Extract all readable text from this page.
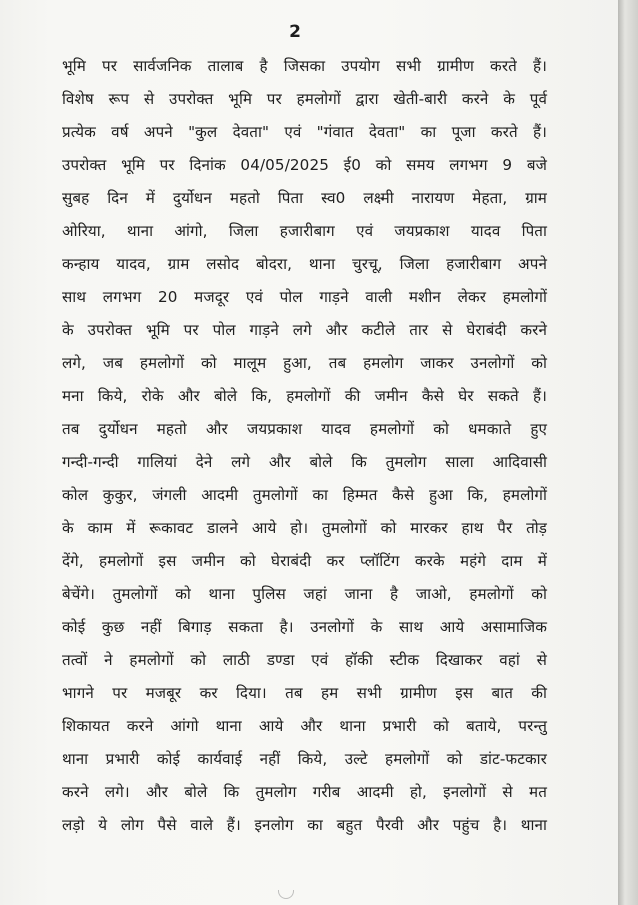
2
भूमि पर सार्वजनिक तालाब है जिसका उपयोग सभी ग्रामीण करते हैं।
विशेष रूप से उपरोक्त भूमि पर हमलोगों द्वारा खेती-बारी करने के पूर्व
प्रत्येक वर्ष अपने "कुल देवता" एवं "गंवात देवता" का पूजा करते हैं।
उपरोक्त भूमि पर दिनांक 04/05/2025 ई0 को समय लगभग 9 बजे
सुबह दिन में दुर्योधन महतो पिता स्व0 लक्ष्मी नारायण मेहता, ग्राम
ओरिया, थाना आंगो, जिला हजारीबाग एवं जयप्रकाश यादव पिता
कन्हाय यादव, ग्राम लसोद बोदरा, थाना चुरचू, जिला हजारीबाग अपने
साथ लगभग 20 मजदूर एवं पोल गाड़ने वाली मशीन लेकर हमलोगों
के उपरोक्त भूमि पर पोल गाड़ने लगे और कटीले तार से घेराबंदी करने
लगे, जब हमलोगों को मालूम हुआ, तब हमलोग जाकर उनलोगों को
मना किये, रोके और बोले कि, हमलोगों की जमीन कैसे घेर सकते हैं।
तब दुर्योधन महतो और जयप्रकाश यादव हमलोगों को धमकाते हुए
गन्दी-गन्दी गालियां देने लगे और बोले कि तुमलोग साला आदिवासी
कोल कुकुर, जंगली आदमी तुमलोगों का हिम्मत कैसे हुआ कि, हमलोगों
के काम में रूकावट डालने आये हो। तुमलोगों को मारकर हाथ पैर तोड़
देंगे, हमलोगों इस जमीन को घेराबंदी कर प्लॉटिंग करके महंगे दाम में
बेचेंगे। तुमलोगों को थाना पुलिस जहां जाना है जाओ, हमलोगों को
कोई कुछ नहीं बिगाड़ सकता है। उनलोगों के साथ आये असामाजिक
तत्वों ने हमलोगों को लाठी डण्डा एवं हॉकी स्टीक दिखाकर वहां से
भागने पर मजबूर कर दिया। तब हम सभी ग्रामीण इस बात की
शिकायत करने आंगो थाना आये और थाना प्रभारी को बताये, परन्तु
थाना प्रभारी कोई कार्यवाई नहीं किये, उल्टे हमलोगों को डांट-फटकार
करने लगे। और बोले कि तुमलोग गरीब आदमी हो, इनलोगों से मत
लड़ो ये लोग पैसे वाले हैं। इनलोग का बहुत पैरवी और पहुंच है। थाना
